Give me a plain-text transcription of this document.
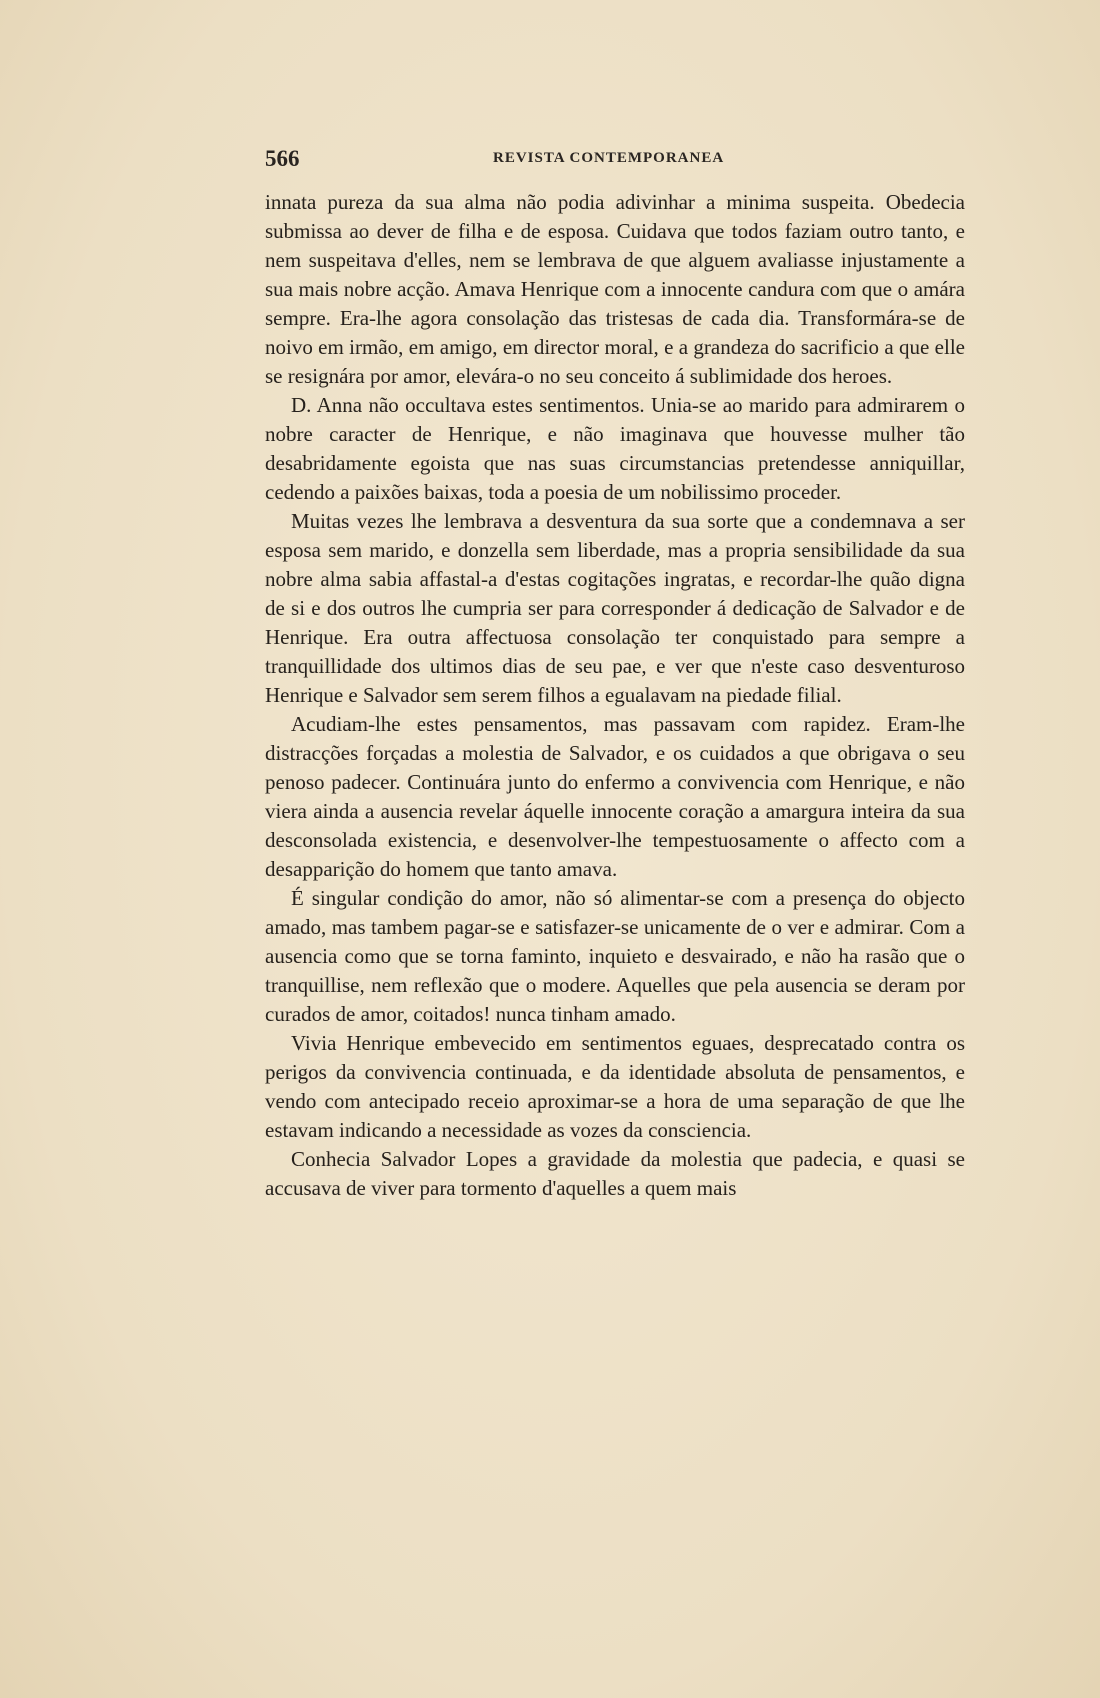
566	REVISTA CONTEMPORANEA

innata pureza da sua alma não podia adivinhar a minima suspeita. Obedecia submissa ao dever de filha e de esposa. Cuidava que todos faziam outro tanto, e nem suspeitava d'elles, nem se lembrava de que alguem avaliasse injustamente a sua mais nobre acção. Amava Henrique com a innocente candura com que o amára sempre. Era-lhe agora consolação das tristesas de cada dia. Transformára-se de noivo em irmão, em amigo, em director moral, e a grandeza do sacrificio a que elle se resignára por amor, elevára-o no seu conceito á sublimidade dos heroes.

D. Anna não occultava estes sentimentos. Unia-se ao marido para admirarem o nobre caracter de Henrique, e não imaginava que houvesse mulher tão desabridamente egoista que nas suas circumstancias pretendesse anniquillar, cedendo a paixões baixas, toda a poesia de um nobilissimo proceder.

Muitas vezes lhe lembrava a desventura da sua sorte que a condemnava a ser esposa sem marido, e donzella sem liberdade, mas a propria sensibilidade da sua nobre alma sabia affastal-a d'estas cogitações ingratas, e recordar-lhe quão digna de si e dos outros lhe cumpria ser para corresponder á dedicação de Salvador e de Henrique. Era outra affectuosa consolação ter conquistado para sempre a tranquillidade dos ultimos dias de seu pae, e ver que n'este caso desventuroso Henrique e Salvador sem serem filhos a egualavam na piedade filial.

Acudiam-lhe estes pensamentos, mas passavam com rapidez. Eram-lhe distracções forçadas a molestia de Salvador, e os cuidados a que obrigava o seu penoso padecer. Continuára junto do enfermo a convivencia com Henrique, e não viera ainda a ausencia revelar áquelle innocente coração a amargura inteira da sua desconsolada existencia, e desenvolver-lhe tempestuosamente o affecto com a desapparição do homem que tanto amava.

É singular condição do amor, não só alimentar-se com a presença do objecto amado, mas tambem pagar-se e satisfazer-se unicamente de o ver e admirar. Com a ausencia como que se torna faminto, inquieto e desvairado, e não ha rasão que o tranquillise, nem reflexão que o modere. Aquelles que pela ausencia se deram por curados de amor, coitados! nunca tinham amado.

Vivia Henrique embevecido em sentimentos eguaes, desprecatado contra os perigos da convivencia continuada, e da identidade absoluta de pensamentos, e vendo com antecipado receio aproximar-se a hora de uma separação de que lhe estavam indicando a necessidade as vozes da consciencia.

Conhecia Salvador Lopes a gravidade da molestia que padecia, e quasi se accusava de viver para tormento d'aquelles a quem mais
